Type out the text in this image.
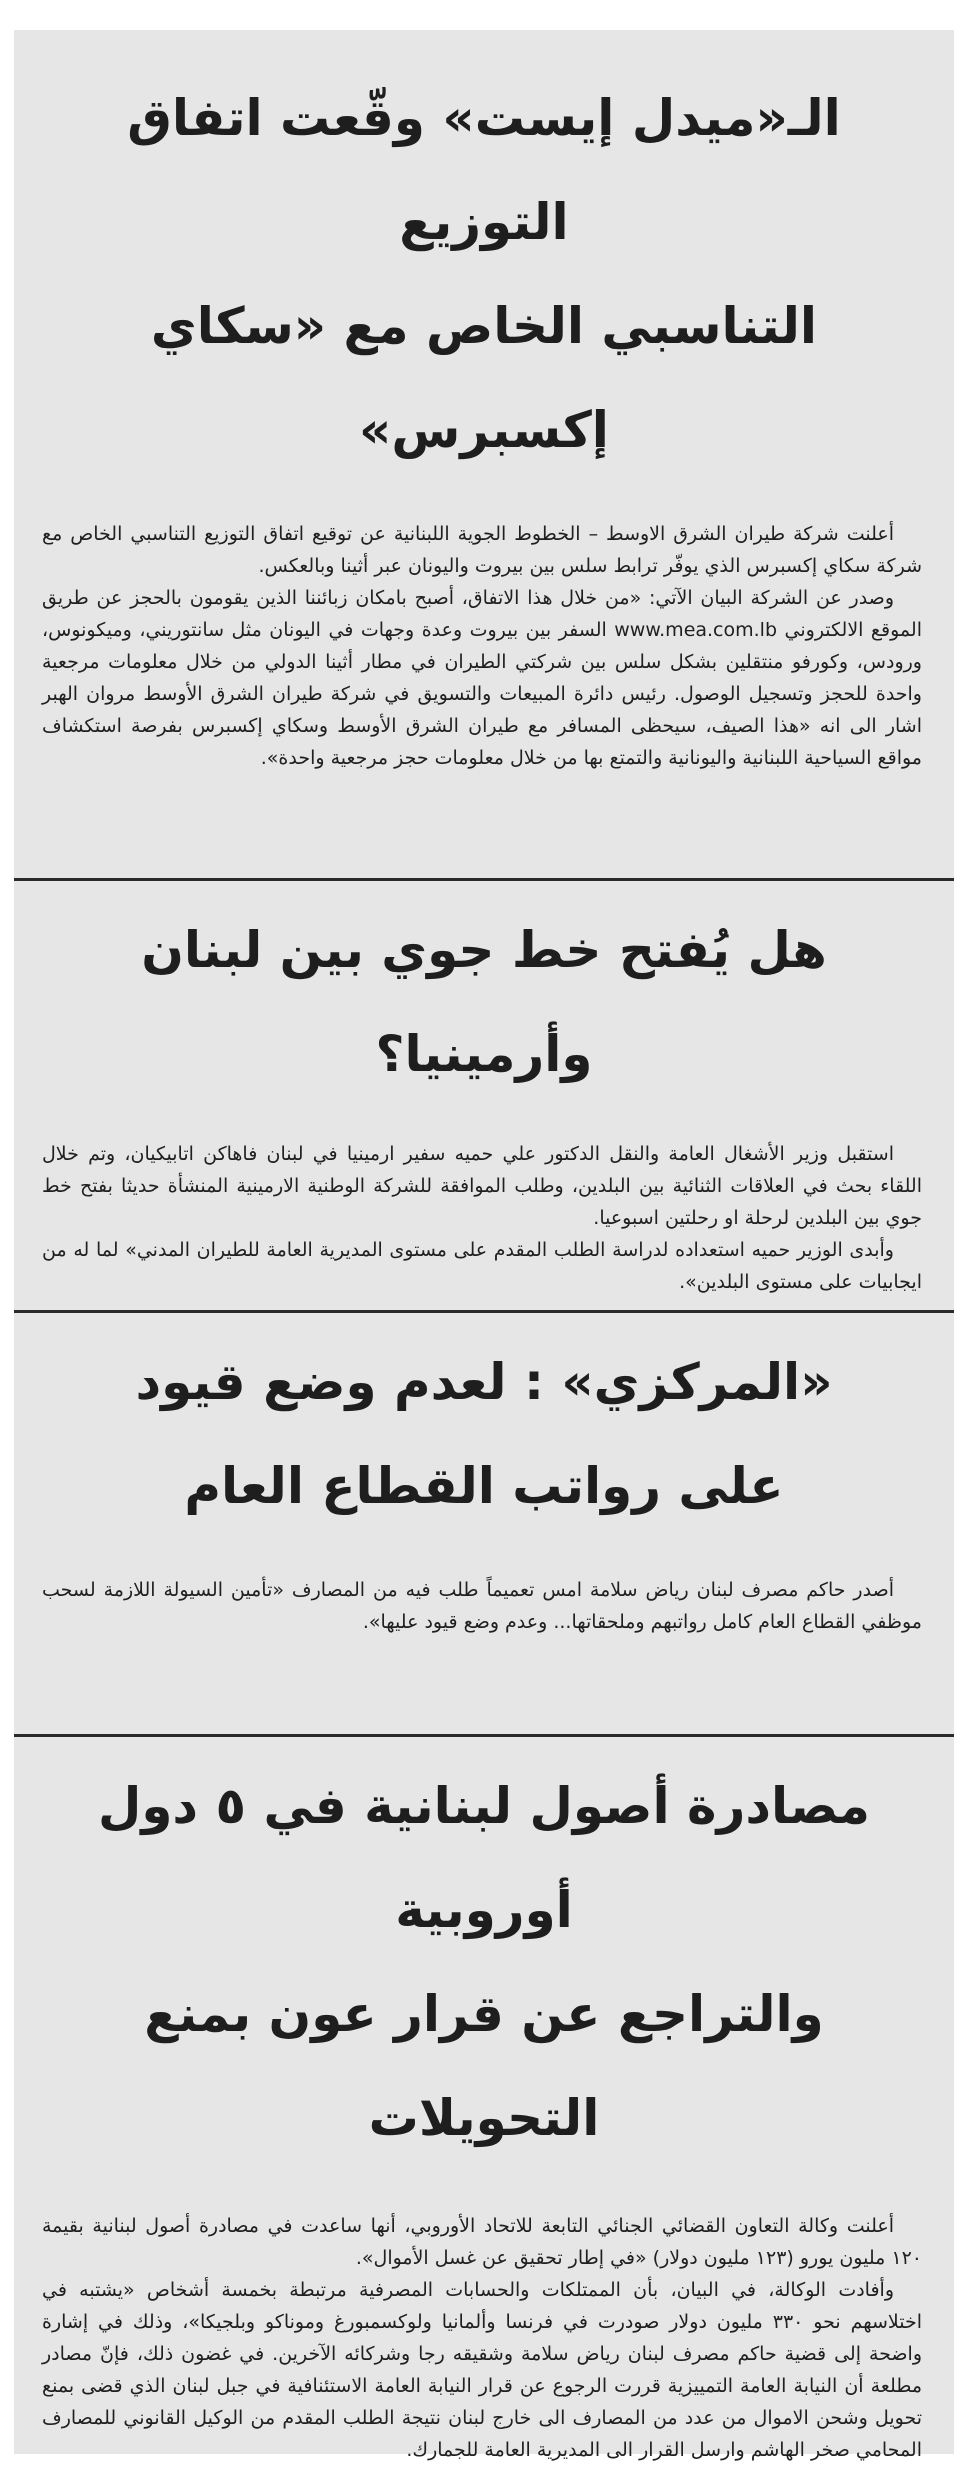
الـ«ميدل إيست» وقّعت اتفاق التوزيع
التناسبي الخاص مع «سكاي إكسبرس»

أعلنت شركة طيران الشرق الاوسط – الخطوط الجوية اللبنانية عن توقيع اتفاق التوزيع التناسبي الخاص مع شركة سكاي إكسبرس الذي يوفّر ترابط سلس بين بيروت واليونان عبر أثينا وبالعكس.

وصدر عن الشركة البيان الآتي: «من خلال هذا الاتفاق، أصبح بامكان زبائننا الذين يقومون بالحجز عن طريق الموقع الالكتروني www.mea.com.lb السفر بين بيروت وعدة وجهات في اليونان مثل سانتوريني، وميكونوس، ورودس، وكورفو منتقلين بشكل سلس بين شركتي الطيران في مطار أثينا الدولي من خلال معلومات مرجعية واحدة للحجز وتسجيل الوصول. رئيس دائرة المبيعات والتسويق في شركة طيران الشرق الأوسط مروان الهبر اشار الى انه «هذا الصيف، سيحظى المسافر مع طيران الشرق الأوسط وسكاي إكسبرس بفرصة استكشاف مواقع السياحية اللبنانية واليونانية والتمتع بها من خلال معلومات حجز مرجعية واحدة».

هل يُفتح خط جوي بين لبنان وأرمينيا؟

استقبل وزير الأشغال العامة والنقل الدكتور علي حميه سفير ارمينيا في لبنان فاهاكن اتابيكيان، وتم خلال اللقاء بحث في العلاقات الثنائية بين البلدين، وطلب الموافقة للشركة الوطنية الارمينية المنشأة حديثا بفتح خط جوي بين البلدين لرحلة او رحلتين اسبوعيا.

وأبدى الوزير حميه استعداده لدراسة الطلب المقدم على مستوى المديرية العامة للطيران المدني» لما له من ايجابيات على مستوى البلدين».

«المركزي» : لعدم وضع قيود
على رواتب القطاع العام

أصدر حاكم مصرف لبنان رياض سلامة امس تعميماً طلب فيه من المصارف «تأمين السيولة اللازمة لسحب موظفي القطاع العام كامل رواتبهم وملحقاتها... وعدم وضع قيود عليها».

مصادرة أصول لبنانية في ٥ دول أوروبية
والتراجع عن قرار عون بمنع التحويلات

أعلنت وكالة التعاون القضائي الجنائي التابعة للاتحاد الأوروبي، أنها ساعدت في مصادرة أصول لبنانية بقيمة ١٢٠ مليون يورو (١٢٣ مليون دولار) «في إطار تحقيق عن غسل الأموال».

وأفادت الوكالة، في البيان، بأن الممتلكات والحسابات المصرفية مرتبطة بخمسة أشخاص «يشتبه في اختلاسهم نحو ٣٣٠ مليون دولار صودرت في فرنسا وألمانيا ولوكسمبورغ وموناكو وبلجيكا»، وذلك في إشارة واضحة إلى قضية حاكم مصرف لبنان رياض سلامة وشقيقه رجا وشركائه الآخرين. في غضون ذلك، فإنّ مصادر مطلعة أن النيابة العامة التمييزية قررت الرجوع عن قرار النيابة العامة الاستئنافية في جبل لبنان الذي قضى بمنع تحويل وشحن الاموال من عدد من المصارف الى خارج لبنان نتيجة الطلب المقدم من الوكيل القانوني للمصارف المحامي صخر الهاشم وارسل القرار الى المديرية العامة للجمارك.
